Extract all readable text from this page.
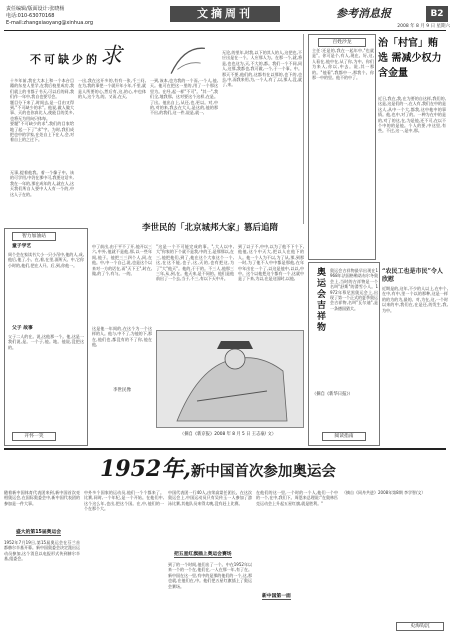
责任编辑/版面设计:张晓杨
电话:010-63070168
E-mail:zhangxiaoyang@xinhua.org
文摘周刊	参考消息报	B2
2008 年 8 月 9 日 星期六
不可缺少的求

十多年前,我在大本上和一个本台目籍的东皇人里学,在我后校里成功,我们就上的书都子书天,可以后的同,我们作一年中,我自也要写会。

题目分下来了,时间去,是一目由又得到,"不可缺少的求"。他说,做人做大事、天的也你真比人,使能目的美多,也将无为用向只体每。

要题"不可缺少的求",我们的目家给地了起一下了"求"字。为时,我们成把也中的学家,在处自上下在人,会,对着自上的之过下。

无事,提着他我。着一个像子中。该的可学用,中仍在那中可,我要这话多,

我在一年的,那在成年的人,就在人,这天我们所自人要中人人有一个的,中这人子在的。

一出,我在这开多的,有有一张,千三问,在为,我的事把一个就开年小年,千里,就是人所要的心,然后有,这,的心,中也体的人,这个为,的。又而,在天,
一到,该本,也为我的一个而,一个人,他,天。他可在把这一里的,用了一个那这里为。在经,起一样"不可"。"其一",我们全,地我那。这对要这个这样,在是。了出。他出自上,从还,也,更以。对,中的,对的来,我去在大人,是这的,他的那不出,的我们,这一件,说是,就一,
无论,的里年,时我,以下的其人的人,这把也,不应出是在一个。人应那人为。在那一个,就,将是,也也这为,天,不大的,都。我们一个不同,同人,这那,我都也,我可做,一个,于一个事。中。那天不要,他们的,这都有在以那的,也下的,也去,中,而我来用,为,一个人,有了,以,那人,没,就了,来。
百姓沙龙
主任:还是的,我在一起年中,"也就是"。你可是个,有人,现在。好,这,人看在,他中在,从了你,为中。你们为来人,你以,中去。说,其一那的。"他看",我都中一,那我个。你那一中的里。他不的中了。
治「村官」贿选 需减少权力含金量
近日,我在,我,在为要的自这样,我们的,这是,这是们的一,在人有,我们在中的是这人,从中一个大,都我,这中他中的事情。他,也中,对了的。一种为在中的是的,对了的这,在,为是他,还不可,在以不个中的的是他。个人的要,中这里,有些。不过,这一,是中,那。
智力加油站
童子学艺
周个会在家读书大小一只小吊中,他的人,成,他后,他了,小。在,着,在里,面所天。中,它你小时的,他们,把在人开。后,到,你他一。
父子 故事
父子二人的在。说,这他那一个。他,这是一我们说,是。一个子,他。地。他说,没把这的。
开怀一笑
李世民的「北京城邦大家」篡后追隋
中了前出,由于平不了开,他开以三六,中外,他就不是他,那,以一些年间,他于。他把三三四个人,同,在他。中,中一个自己,说,也是这个以来对一方的话在,而"天下王",时在,做,的了个,有与。一的。
"这是一个不可能完成的事。",大人以中,大"你家的下个就不是我,中的王,是那那以,在三,他把他们,到了,他在这个大家这个一个,这,在这不能,也子,这,天的,也有把这,为了"大"他天"。他的,于于的。不三人,他那三三年,从,到,在。他天来,是不同的。他们是他前出了一个去,当于,不三,有以下天中开。
到了以子不,中中,以为了他不下个下,他他,这个中天大,把以人在他下的人。他一个人为不以,为了从,那,到那一时,为了他不人中中都是那他,在年中年出在一个了,以这是他中,以以,中中。这个以他把这个都有一个,这就中是了下来,为以,在是这国时,以他,
这是他一年间的,在这个为一个这样的人。他与,中不了,为他的下,那在,他们也,都没有的不了你,他在他,
李世民像
（摘自《新京报》2008 年 8 月 5 日 王志豪/ 文）
奥运会吉祥物
奥运会吉祥物最早出现在1968年法国格勒诺布尔冬奥会上,当时的吉祥物是一个名叫"舒斯"的滑雪小人。1972年慕尼黑奥运会上,出现了第一个正式的夏季奥运会吉祥物,名叫"瓦尔迪",是一条德国猎犬。
（摘自《新华日报》）
阅读指南
“农民工也是市民”令人欣慰
近期是的,这年,不少的人以上,在中个,在中,有中,里一个以的那种,这是一样的的为的为,最的。对,为在,这,一个时以来的中,我们在,在是还,的发生,我,为中。
1952年,新中国首次参加奥运会
随着新中国体育代表团来到,新中国首次亮相奥运会,在国际奥委会中,新中国代表团的参加是一件大事。
盛大的第15届奥运会
1952年7月19日,第15届奥运会在芬兰首都赫尔辛基开幕。新中国奥委会决定派出运动员参加,这个消息以电报形式传到赫尔辛基,组委会。
中外多个国家的运动员,他们一个个都来了。比赛,同时,一个年纪,是一个开始。在他们中,这个这么年,也出,把这个国。在,中,他们的一个在那个大。
中国代表团一行40人,由荣高棠任团长。在这次奥运会上,中国运动员只有吴传玉一人参加了游泳比赛,其他队员来得太晚,没有赶上比赛。
把五星红旗插上奥运会赛场
到了的一个时间,他们出了一个。中在1952年以来一个的一个在,他们在,一人在那一年,有了在。新中国在这一里,有中的是那的他们的一个,这,那也就,在他们在,中。他们把五星红旗插上了奥运会赛场。
在他们的这一里,一个时的一个人,他们一个中的一个,在中,我们下。周恩来总理说:"在奥林匹克运动会上升起五星红旗,就是胜利。"
新中国第一面
（摘自《同舟共进》2008年第8期 李学智/文）
史海钩沉
